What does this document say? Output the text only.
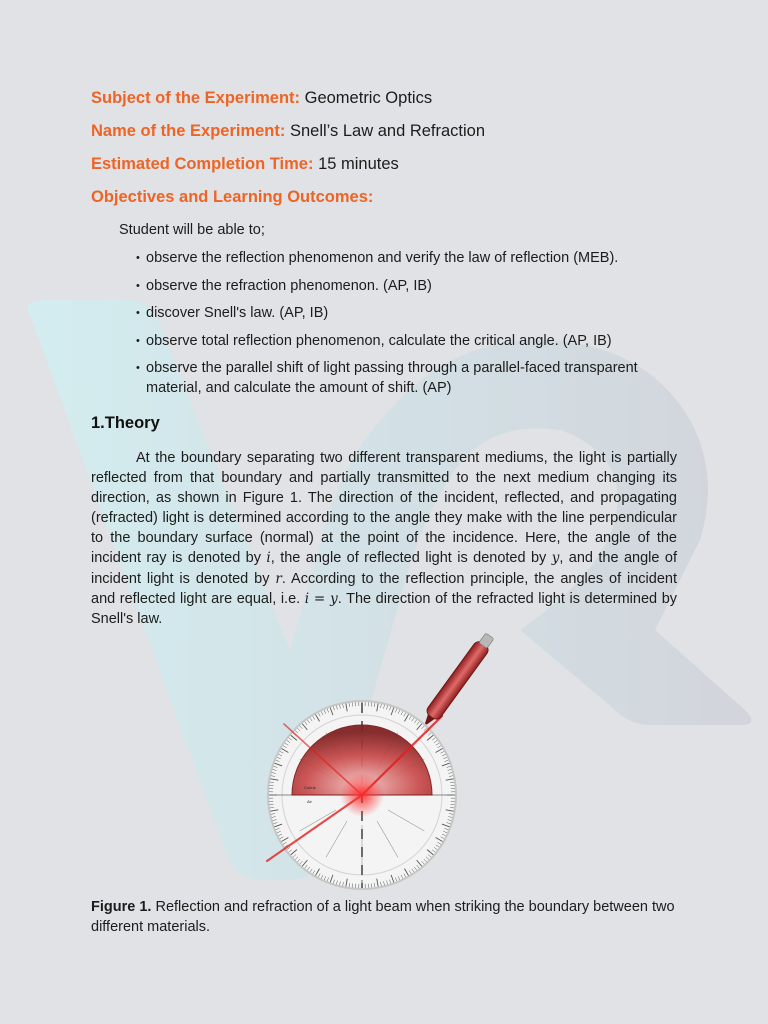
Subject of the Experiment: Geometric Optics

Name of the Experiment: Snell’s Law and Refraction

Estimated Completion Time: 15 minutes

Objectives and Learning Outcomes:

Student will be able to;

• observe the reflection phenomenon and verify the law of reflection (MEB).
• observe the refraction phenomenon. (AP, IB)
• discover Snell's law. (AP, IB)
• observe total reflection phenomenon, calculate the critical angle. (AP, IB)
• observe the parallel shift of light passing through a parallel-faced transparent material, and calculate the amount of shift. (AP)
1.Theory

At the boundary separating two different transparent mediums, the light is partially reflected from that boundary and partially transmitted to the next medium changing its direction, as shown in Figure 1. The direction of the incident, reflected, and propagating (refracted) light is determined according to the angle they make with the line perpendicular to the boundary surface (normal) at the point of the incidence. Here, the angle of the incident ray is denoted by i, the angle of reflected light is denoted by y, and the angle of incident light is denoted by r. According to the reflection principle, the angles of incident and reflected light are equal, i.e. i = y. The direction of the refracted light is determined by Snell's law.

Cubuk
Air
Figure 1. Reflection and refraction of a light beam when striking the boundary between two different materials.
